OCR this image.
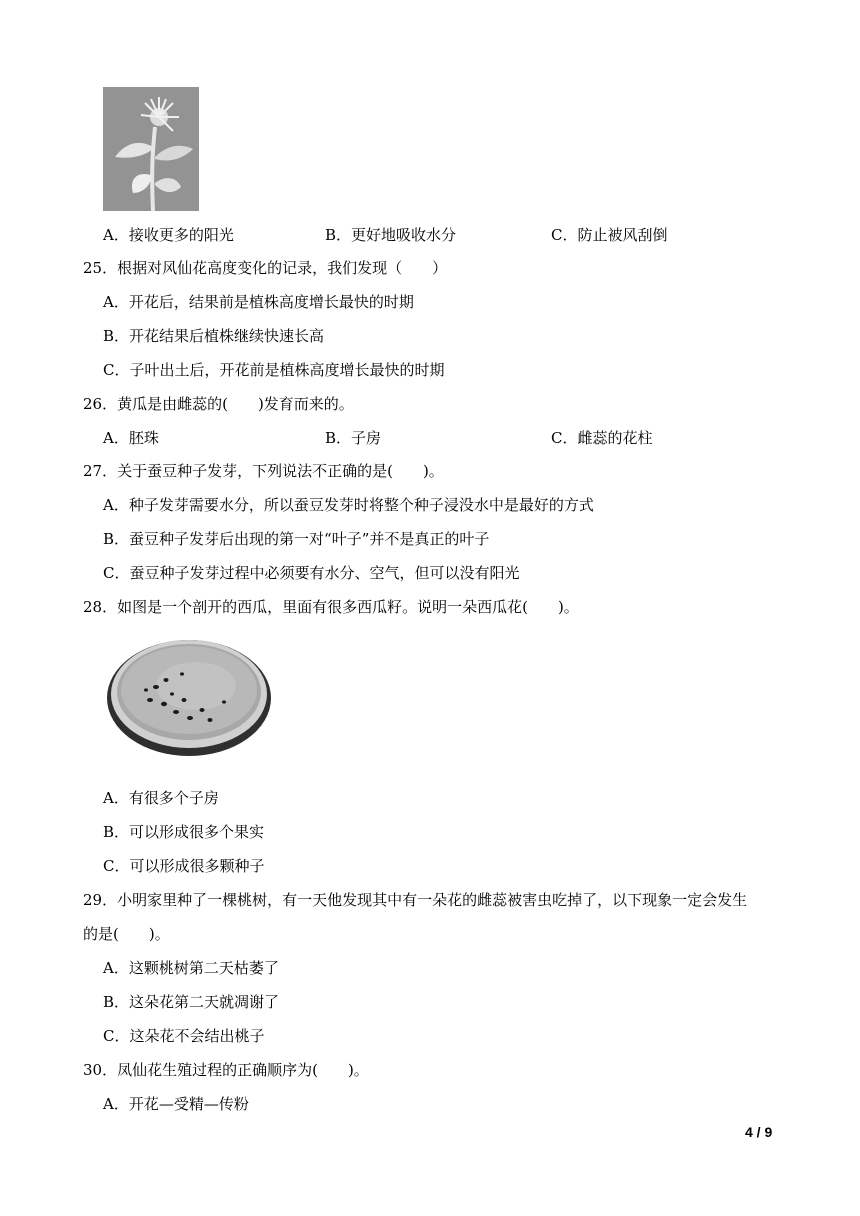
A．接收更多的阳光	B．更好地吸收水分	C．防止被风刮倒
25．根据对风仙花高度变化的记录，我们发现（　　）
A．开花后，结果前是植株高度增长最快的时期
B．开花结果后植株继续快速长高
C．子叶出土后，开花前是植株高度增长最快的时期
26．黄瓜是由雌蕊的(　　)发育而来的。
A．胚珠	B．子房	C．雌蕊的花柱
27．关于蚕豆种子发芽，下列说法不正确的是(　　)。
A．种子发芽需要水分，所以蚕豆发芽时将整个种子浸没水中是最好的方式
B．蚕豆种子发芽后出现的第一对“叶子”并不是真正的叶子
C．蚕豆种子发芽过程中必须要有水分、空气，但可以没有阳光
28．如图是一个剖开的西瓜，里面有很多西瓜籽。说明一朵西瓜花(　　)。
A．有很多个子房
B．可以形成很多个果实
C．可以形成很多颗种子
29．小明家里种了一棵桃树，有一天他发现其中有一朵花的雌蕊被害虫吃掉了，以下现象一定会发生
的是(　　)。
A．这颗桃树第二天枯萎了
B．这朵花第二天就凋谢了
C．这朵花不会结出桃子
30．凤仙花生殖过程的正确顺序为(　　)。
A．开花—受精—传粉
4 / 9
